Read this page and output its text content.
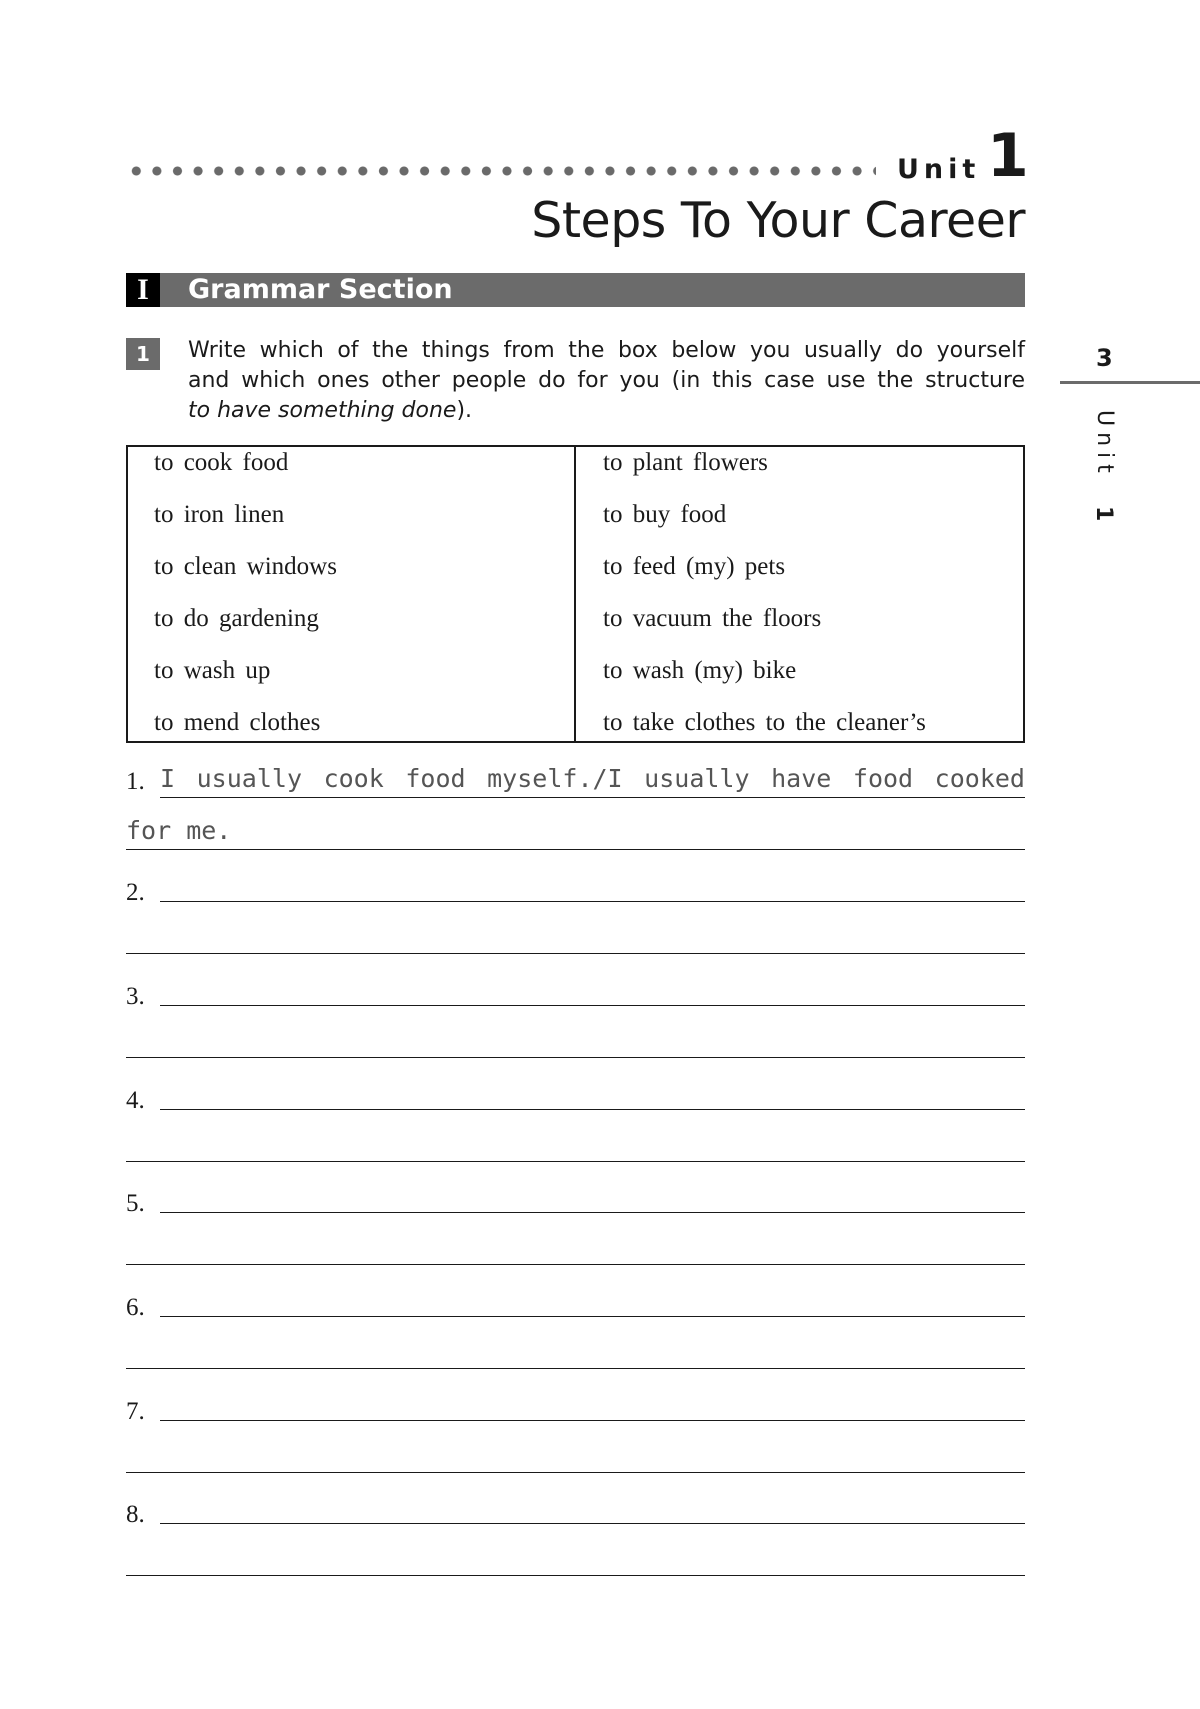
Unit 1
Steps To Your Career
I	Grammar Section
1	Write which of the things from the box below you usually do yourself
and which ones other people do for you (in this case use the structure
to have something done).
to cook food
to iron linen
to clean windows
to do gardening
to wash up
to mend clothes
to plant flowers
to buy food
to feed (my) pets
to vacuum the floors
to wash (my) bike
to take clothes to the cleaner’s
1. I usually cook food myself./I usually have food cooked
for me.
2.
3.
4.
5.
6.
7.
8.
3
Unit
1
